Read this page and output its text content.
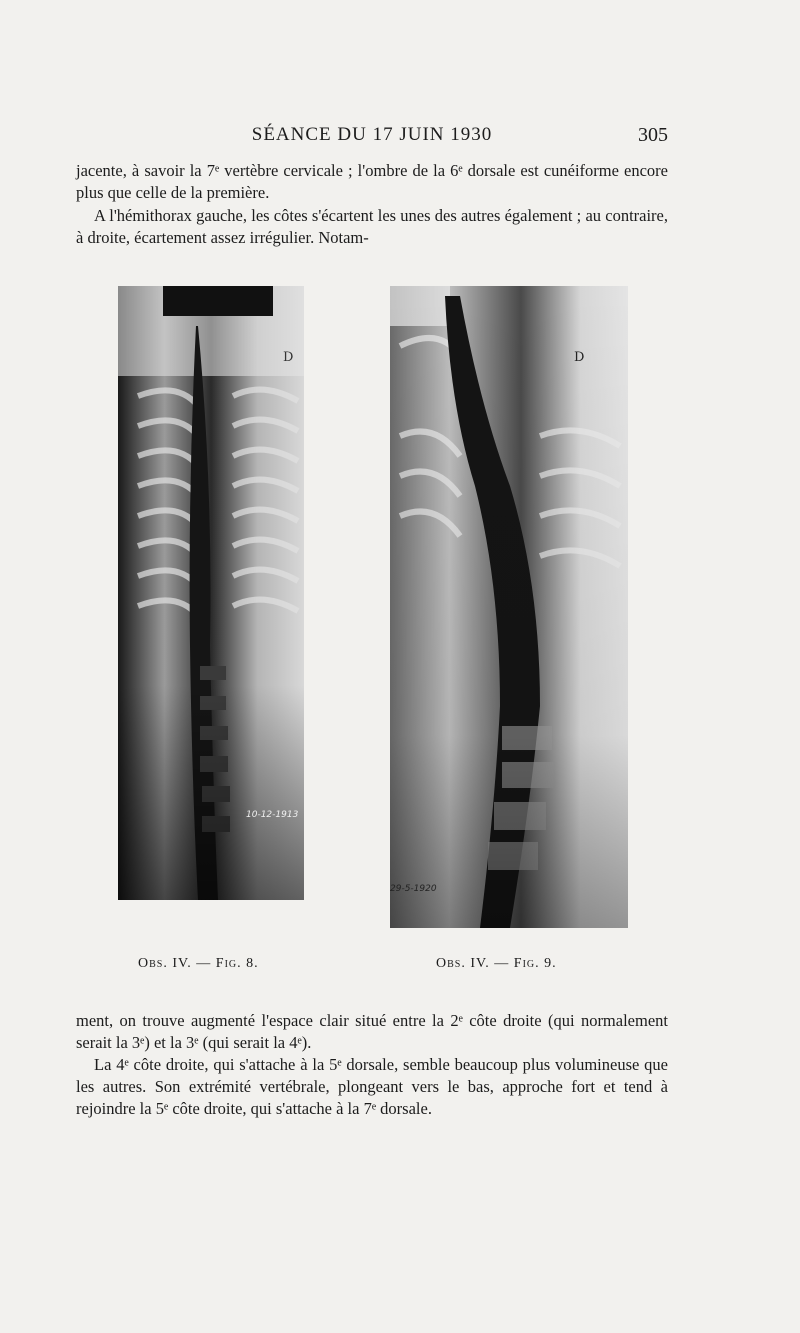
SÉANCE DU 17 JUIN 1930	305

jacente, à savoir la 7ᵉ vertèbre cervicale ; l'ombre de la 6ᵉ dorsale est cunéiforme encore plus que celle de la première.

A l'hémithorax gauche, les côtes s'écartent les unes des autres également ; au contraire, à droite, écartement assez irrégulier. Notam-

D
10-12-1913
D
29-5-1920
Obs. IV. — Fig. 8.	Obs. IV. — Fig. 9.

ment, on trouve augmenté l'espace clair situé entre la 2ᵉ côte droite (qui normalement serait la 3ᵉ) et la 3ᵉ (qui serait la 4ᵉ).

La 4ᵉ côte droite, qui s'attache à la 5ᵉ dorsale, semble beaucoup plus volumineuse que les autres. Son extrémité vertébrale, plongeant vers le bas, approche fort et tend à rejoindre la 5ᵉ côte droite, qui s'attache à la 7ᵉ dorsale.
